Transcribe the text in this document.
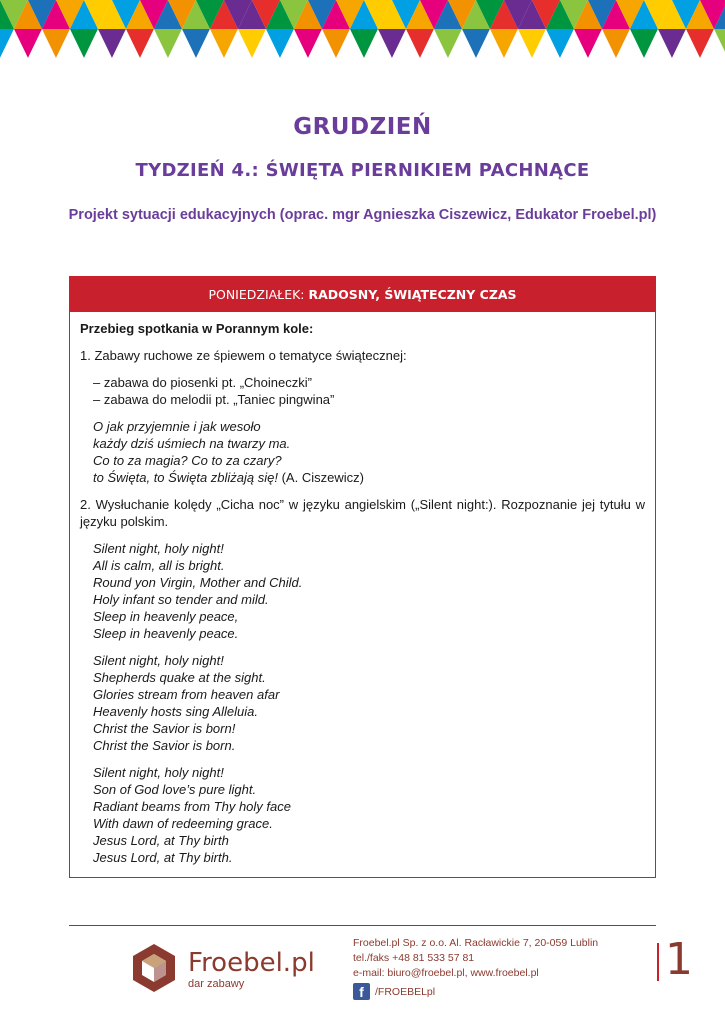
GRUDZIEŃ
TYDZIEŃ 4.: ŚWIĘTA PIERNIKIEM PACHNĄCE
Projekt sytuacji edukacyjnych (oprac. mgr Agnieszka Ciszewicz, Edukator Froebel.pl)
PONIEDZIAŁEK: RADOSNY, ŚWIĄTECZNY CZAS

Przebieg spotkania w Porannym kole:

1. Zabawy ruchowe ze śpiewem o tematyce świątecznej:

– zabawa do piosenki pt. „Choineczki”
– zabawa do melodii pt. „Taniec pingwina”

O jak przyjemnie i jak wesoło
każdy dziś uśmiech na twarzy ma.
Co to za magia? Co to za czary?
to Święta, to Święta zbliżają się! (A. Ciszewicz)

2. Wysłuchanie kolędy „Cicha noc” w języku angielskim („Silent night:). Rozpoznanie jej tytułu w języku polskim.

Silent night, holy night!
All is calm, all is bright.
Round yon Virgin, Mother and Child.
Holy infant so tender and mild.
Sleep in heavenly peace,
Sleep in heavenly peace.
Silent night, holy night!
Shepherds quake at the sight.
Glories stream from heaven afar
Heavenly hosts sing Alleluia.
Christ the Savior is born!
Christ the Savior is born.
Silent night, holy night!
Son of God love’s pure light.
Radiant beams from Thy holy face
With dawn of redeeming grace.
Jesus Lord, at Thy birth
Jesus Lord, at Thy birth.
Froebel.pl
dar zabawy
Froebel.pl Sp. z o.o. Al. Racławickie 7, 20-059 Lublin
tel./faks +48 81 533 57 81
e-mail: biuro@froebel.pl, www.froebel.pl
f	/FROEBELpl
1
